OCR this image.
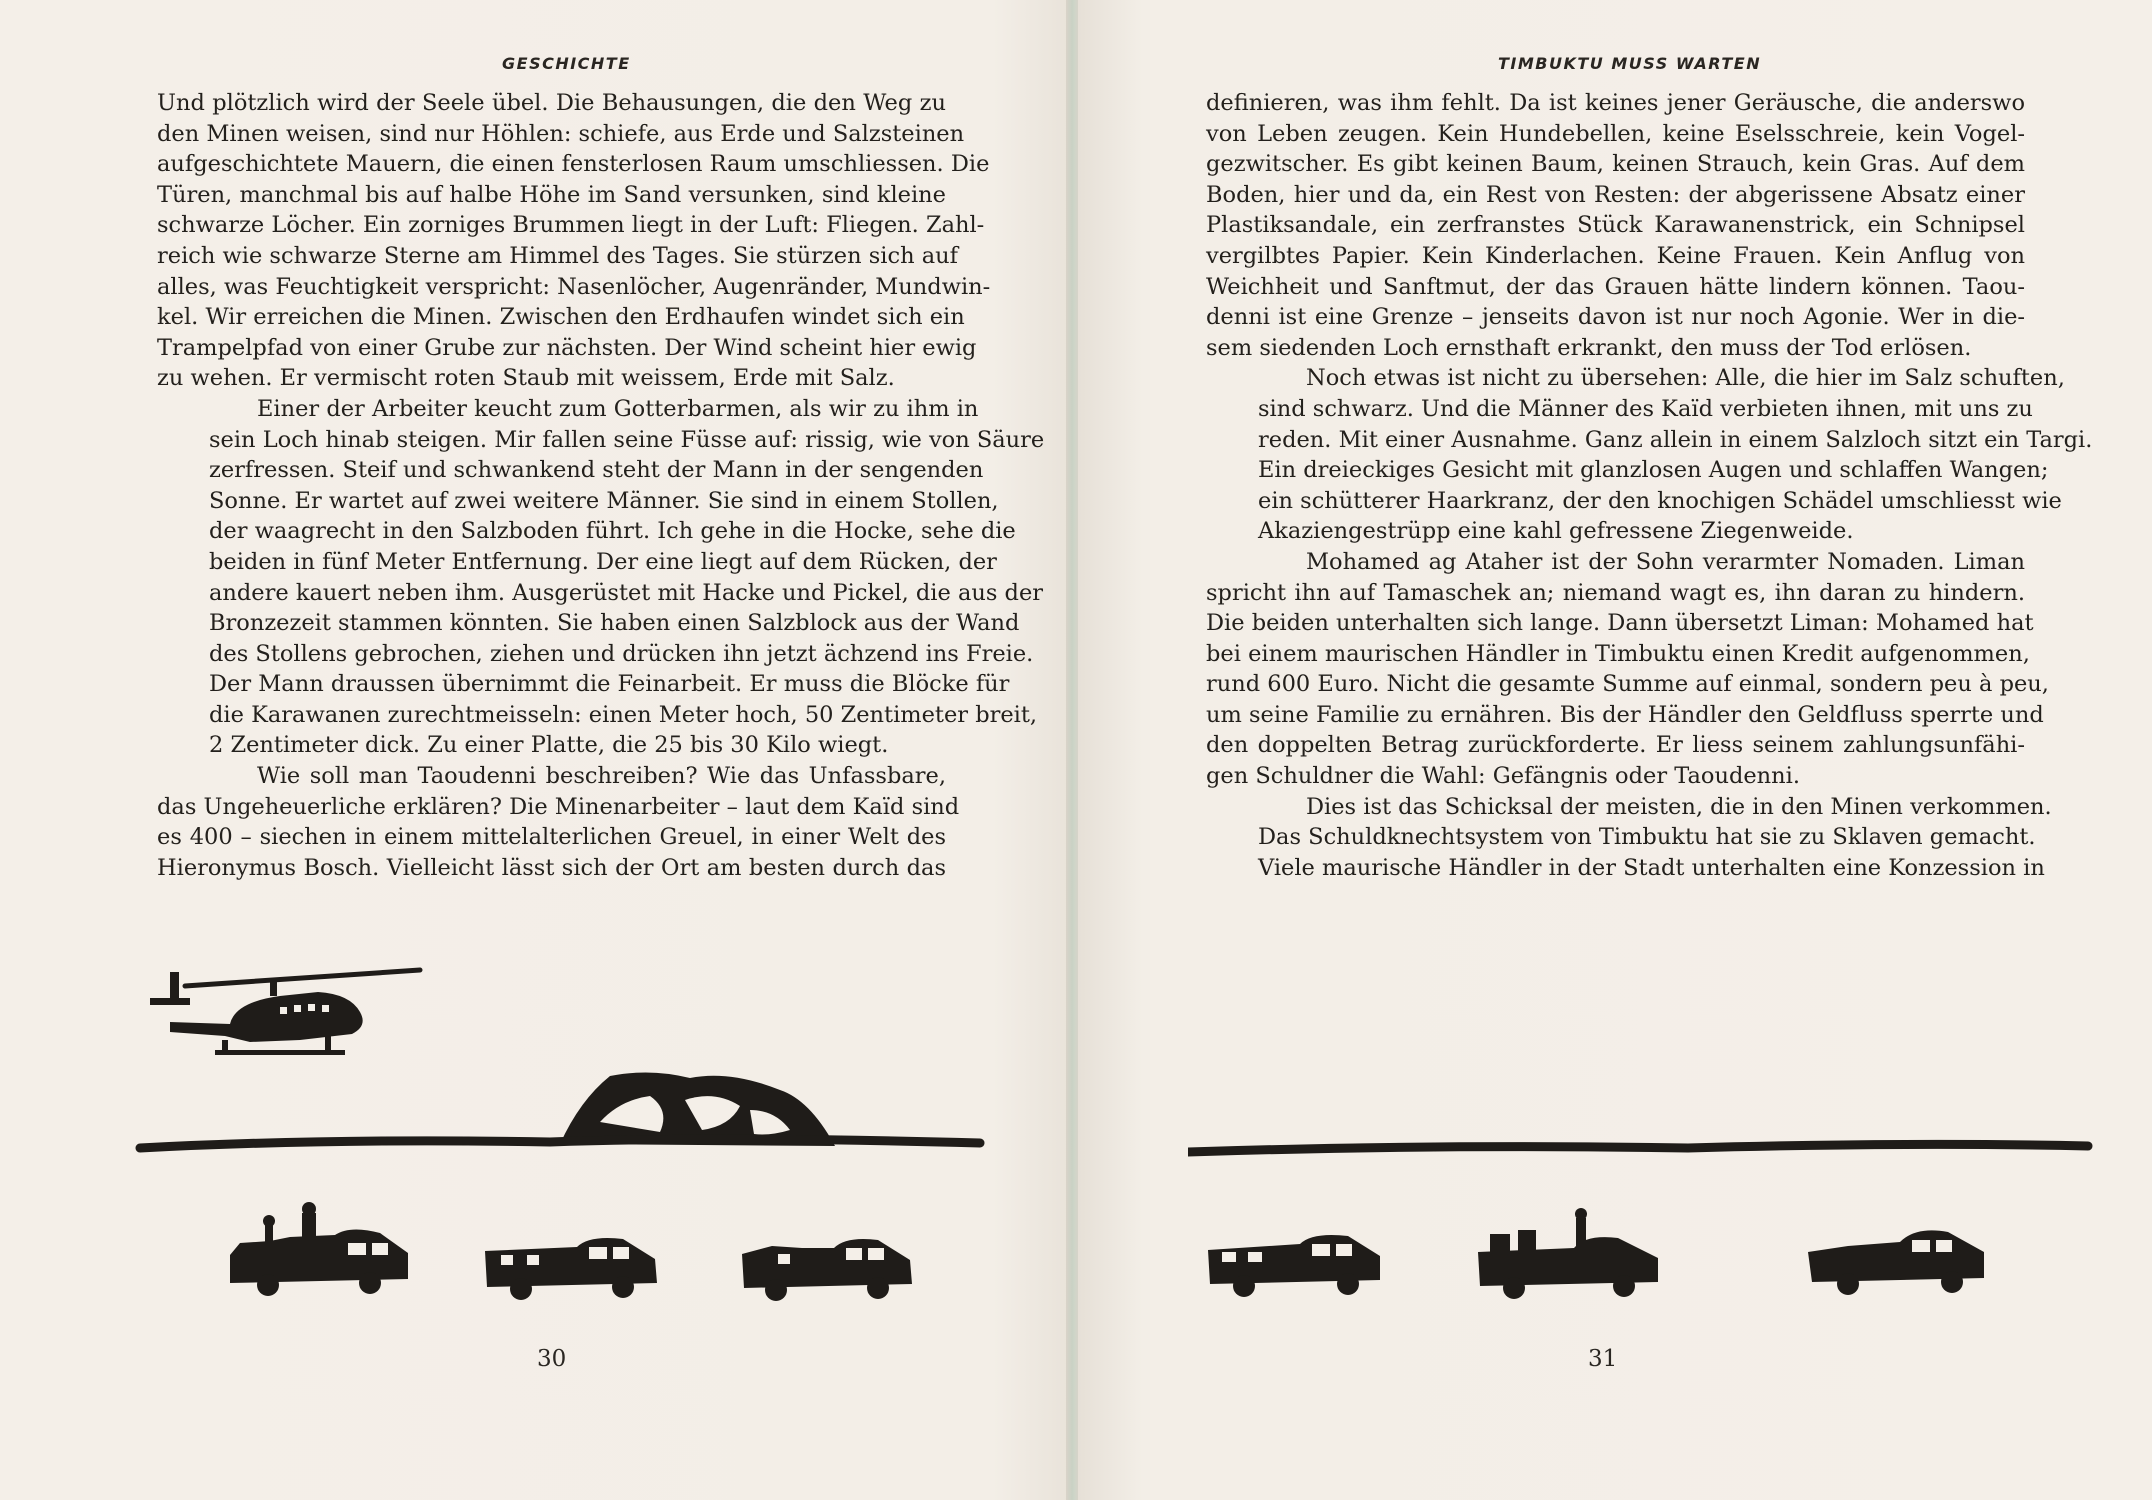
GESCHICHTE
Und plötzlich wird der Seele übel. Die Behausungen, die den Weg zu
den Minen weisen, sind nur Höhlen: schiefe, aus Erde und Salzsteinen
aufgeschichtete Mauern, die einen fensterlosen Raum umschliessen. Die
Türen, manchmal bis auf halbe Höhe im Sand versunken, sind kleine
schwarze Löcher. Ein zorniges Brummen liegt in der Luft: Fliegen. Zahl-
reich wie schwarze Sterne am Himmel des Tages. Sie stürzen sich auf
alles, was Feuchtigkeit verspricht: Nasenlöcher, Augenränder, Mundwin-
kel. Wir erreichen die Minen. Zwischen den Erdhaufen windet sich ein
Trampelpfad von einer Grube zur nächsten. Der Wind scheint hier ewig
zu wehen. Er vermischt roten Staub mit weissem, Erde mit Salz.
Einer der Arbeiter keucht zum Gotterbarmen, als wir zu ihm in
sein Loch hinab steigen. Mir fallen seine Füsse auf: rissig, wie von Säure
zerfressen. Steif und schwankend steht der Mann in der sengenden
Sonne. Er wartet auf zwei weitere Männer. Sie sind in einem Stollen,
der waagrecht in den Salzboden führt. Ich gehe in die Hocke, sehe die
beiden in fünf Meter Entfernung. Der eine liegt auf dem Rücken, der
andere kauert neben ihm. Ausgerüstet mit Hacke und Pickel, die aus der
Bronzezeit stammen könnten. Sie haben einen Salzblock aus der Wand
des Stollens gebrochen, ziehen und drücken ihn jetzt ächzend ins Freie.
Der Mann draussen übernimmt die Feinarbeit. Er muss die Blöcke für
die Karawanen zurechtmeisseln: einen Meter hoch, 50 Zentimeter breit,
2 Zentimeter dick. Zu einer Platte, die 25 bis 30 Kilo wiegt.
Wie soll man Taoudenni beschreiben? Wie das Unfassbare,
das Ungeheuerliche erklären? Die Minenarbeiter – laut dem Kaïd sind
es 400 – siechen in einem mittelalterlichen Greuel, in einer Welt des
Hieronymus Bosch. Vielleicht lässt sich der Ort am besten durch das
30
TIMBUKTU MUSS WARTEN
definieren, was ihm fehlt. Da ist keines jener Geräusche, die anderswo
von Leben zeugen. Kein Hundebellen, keine Eselsschreie, kein Vogel-
gezwitscher. Es gibt keinen Baum, keinen Strauch, kein Gras. Auf dem
Boden, hier und da, ein Rest von Resten: der abgerissene Absatz einer
Plastiksandale, ein zerfranstes Stück Karawanenstrick, ein Schnipsel
vergilbtes Papier. Kein Kinderlachen. Keine Frauen. Kein Anflug von
Weichheit und Sanftmut, der das Grauen hätte lindern können. Taou-
denni ist eine Grenze – jenseits davon ist nur noch Agonie. Wer in die-
sem siedenden Loch ernsthaft erkrankt, den muss der Tod erlösen.
Noch etwas ist nicht zu übersehen: Alle, die hier im Salz schuften,
sind schwarz. Und die Männer des Kaïd verbieten ihnen, mit uns zu
reden. Mit einer Ausnahme. Ganz allein in einem Salzloch sitzt ein Targi.
Ein dreieckiges Gesicht mit glanzlosen Augen und schlaffen Wangen;
ein schütterer Haarkranz, der den knochigen Schädel umschliesst wie
Akaziengestrüpp eine kahl gefressene Ziegenweide.
Mohamed ag Ataher ist der Sohn verarmter Nomaden. Liman
spricht ihn auf Tamaschek an; niemand wagt es, ihn daran zu hindern.
Die beiden unterhalten sich lange. Dann übersetzt Liman: Mohamed hat
bei einem maurischen Händler in Timbuktu einen Kredit aufgenommen,
rund 600 Euro. Nicht die gesamte Summe auf einmal, sondern peu à peu,
um seine Familie zu ernähren. Bis der Händler den Geldfluss sperrte und
den doppelten Betrag zurückforderte. Er liess seinem zahlungsunfähi-
gen Schuldner die Wahl: Gefängnis oder Taoudenni.
Dies ist das Schicksal der meisten, die in den Minen verkommen.
Das Schuldknechtsystem von Timbuktu hat sie zu Sklaven gemacht.
Viele maurische Händler in der Stadt unterhalten eine Konzession in
31
